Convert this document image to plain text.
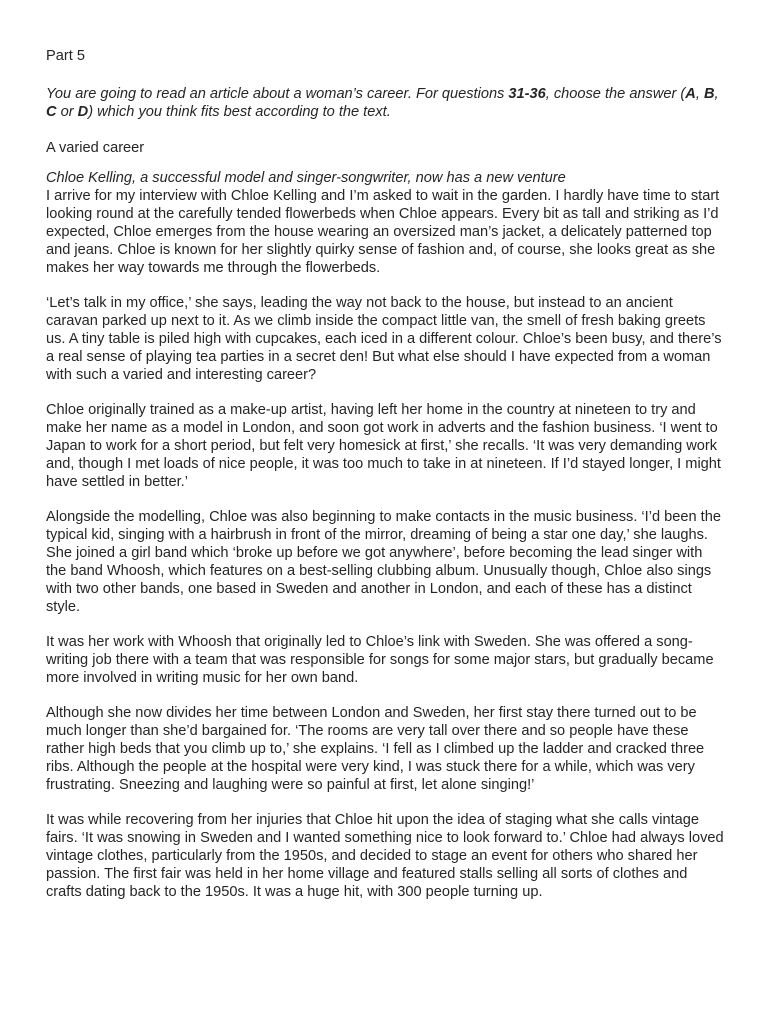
Part 5

You are going to read an article about a woman’s career. For questions 31-36, choose the answer (A, B, C or D) which you think fits best according to the text.

A varied career

Chloe Kelling, a successful model and singer-songwriter, now has a new venture

I arrive for my interview with Chloe Kelling and I’m asked to wait in the garden. I hardly have time to start looking round at the carefully tended flowerbeds when Chloe appears. Every bit as tall and striking as I’d expected, Chloe emerges from the house wearing an oversized man’s jacket, a delicately patterned top and jeans. Chloe is known for her slightly quirky sense of fashion and, of course, she looks great as she makes her way towards me through the flowerbeds.

‘Let’s talk in my office,’ she says, leading the way not back to the house, but instead to an ancient caravan parked up next to it. As we climb inside the compact little van, the smell of fresh baking greets us. A tiny table is piled high with cupcakes, each iced in a different colour. Chloe’s been busy, and there’s a real sense of playing tea parties in a secret den! But what else should I have expected from a woman with such a varied and interesting career?

Chloe originally trained as a make-up artist, having left her home in the country at nineteen to try and make her name as a model in London, and soon got work in adverts and the fashion business. ‘I went to Japan to work for a short period, but felt very homesick at first,’ she recalls. ‘It was very demanding work and, though I met loads of nice people, it was too much to take in at nineteen. If I’d stayed longer, I might have settled in better.’

Alongside the modelling, Chloe was also beginning to make contacts in the music business. ‘I’d been the typical kid, singing with a hairbrush in front of the mirror, dreaming of being a star one day,’ she laughs. She joined a girl band which ‘broke up before we got anywhere’, before becoming the lead singer with the band Whoosh, which features on a best-selling clubbing album. Unusually though, Chloe also sings with two other bands, one based in Sweden and another in London, and each of these has a distinct style.

It was her work with Whoosh that originally led to Chloe’s link with Sweden. She was offered a song-writing job there with a team that was responsible for songs for some major stars, but gradually became more involved in writing music for her own band.

Although she now divides her time between London and Sweden, her first stay there turned out to be much longer than she’d bargained for. ‘The rooms are very tall over there and so people have these rather high beds that you climb up to,’ she explains. ‘I fell as I climbed up the ladder and cracked three ribs. Although the people at the hospital were very kind, I was stuck there for a while, which was very frustrating. Sneezing and laughing were so painful at first, let alone singing!’

It was while recovering from her injuries that Chloe hit upon the idea of staging what she calls vintage fairs. ‘It was snowing in Sweden and I wanted something nice to look forward to.’ Chloe had always loved vintage clothes, particularly from the 1950s, and decided to stage an event for others who shared her passion. The first fair was held in her home village and featured stalls selling all sorts of clothes and crafts dating back to the 1950s. It was a huge hit, with 300 people turning up.
